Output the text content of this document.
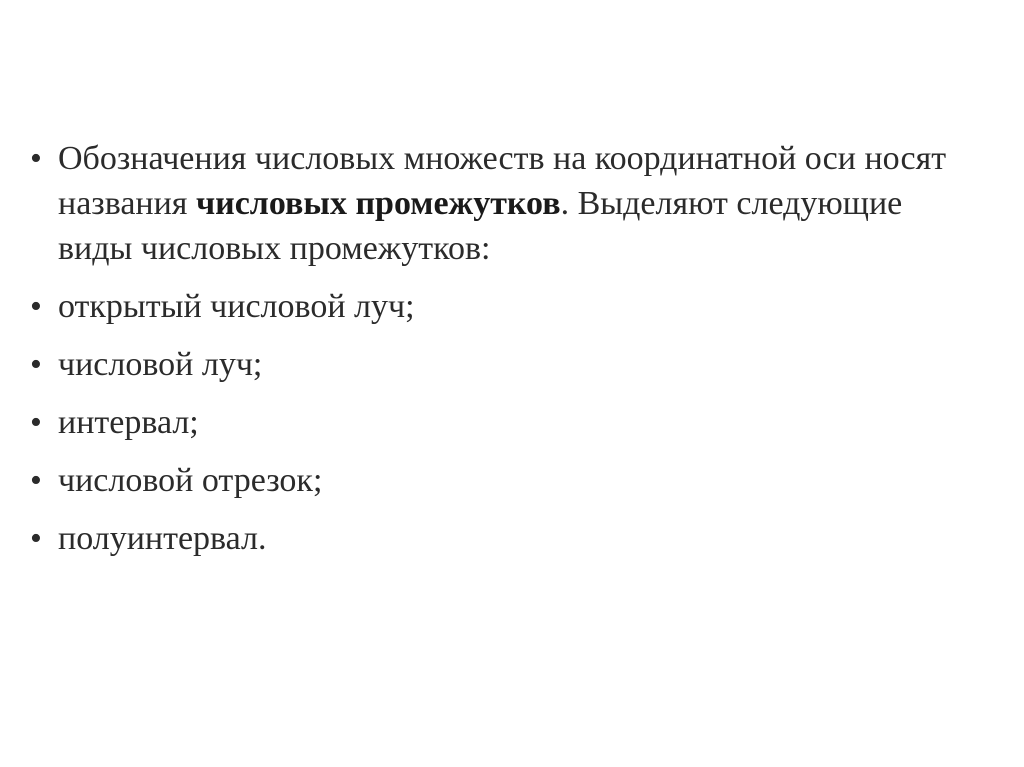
• Обозначения числовых множеств на координатной оси носят названия числовых промежутков. Выделяют следующие виды числовых промежутков:
• открытый числовой луч;
• числовой луч;
• интервал;
• числовой отрезок;
• полуинтервал.
